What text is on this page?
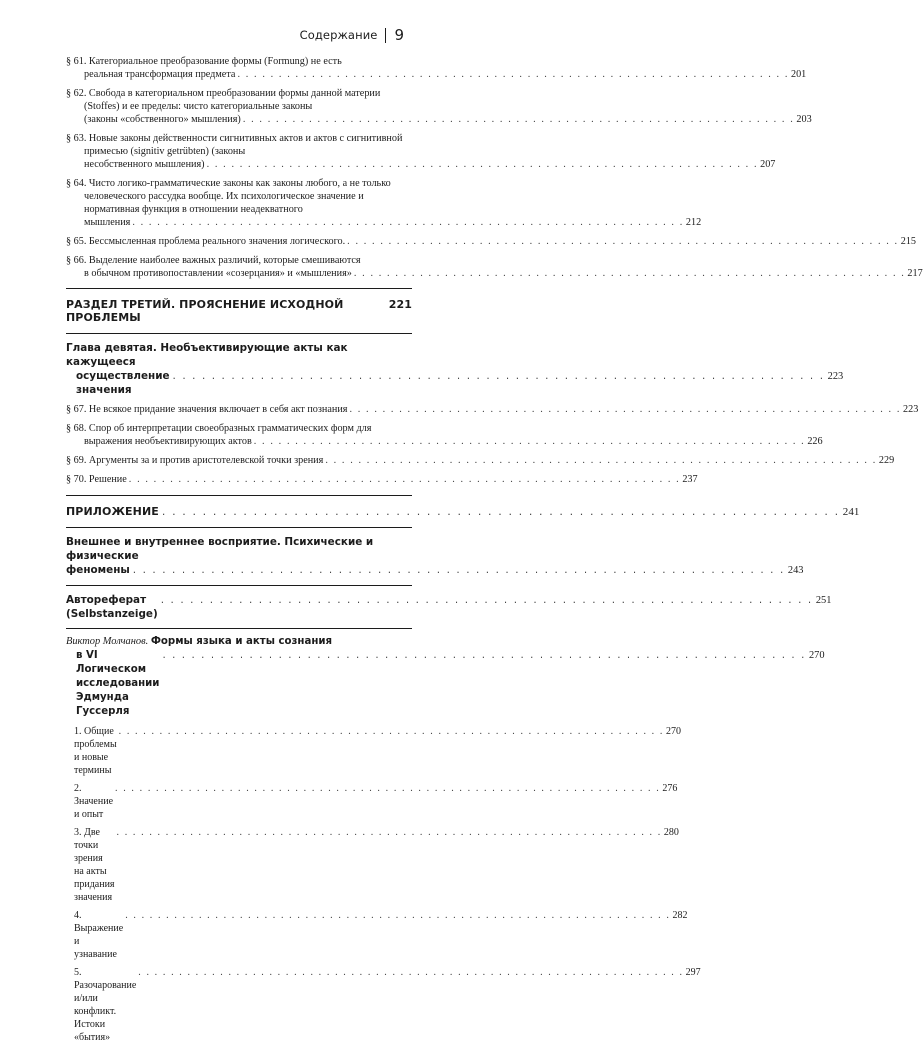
Содержание 9
§ 61. Категориальное преобразование формы (Formung) не есть
реальная трансформация предмета . . . . . . . . . . . . . . . . . . . . . . . . . . . . . . . . . . . . . . . . . . . . . . . . . . . . . . . . . . . . . . . . . . . 201
§ 62. Свобода в категориальном преобразовании формы данной материи (Stoffes) и ее пределы: чисто категориальные законы
(законы «собственного» мышления) . . . . . . . . . . . . . . . . . . . . . . . . . . . . . . . . . . . . . . . . . . . . . . . . . . . . . . . . . . . . . . . . . . . 203
§ 63. Новые законы действенности сигнитивных актов и актов с сигнитивной примесью (signitiv getrübten) (законы
несобственного мышления) . . . . . . . . . . . . . . . . . . . . . . . . . . . . . . . . . . . . . . . . . . . . . . . . . . . . . . . . . . . . . . . . . . . 207
§ 64. Чисто логико-грамматические законы как законы любого, а не только человеческого рассудка вообще. Их психологическое значение и нормативная функция в отношении неадекватного
мышления . . . . . . . . . . . . . . . . . . . . . . . . . . . . . . . . . . . . . . . . . . . . . . . . . . . . . . . . . . . . . . . . . . . 212
§ 65. Бессмысленная проблема реального значения логического. . . . . . . . . . . . . . . . . . . . . . . . . . . . . . . . . . . . . . . . . . . . . . . . . . . . . . . . . . . . . . . . . . . . 215
§ 66. Выделение наиболее важных различий, которые смешиваются
в обычном противопоставлении «созерцания» и «мышления» . . . . . . . . . . . . . . . . . . . . . . . . . . . . . . . . . . . . . . . . . . . . . . . . . . . . . . . . . . . . . . . . . . . 217
РАЗДЕЛ ТРЕТИЙ. ПРОЯСНЕНИЕ ИСХОДНОЙ ПРОБЛЕМЫ
221
Глава девятая. Необъективирующие акты как кажущееся
осуществление значения
. . . . . . . . . . . . . . . . . . . . . . . . . . . . . . . . . . . . . . . . . . . . . . . . . . . . . . . . . . . . . . . . . . . 223
§ 67. Не всякое придание значения включает в себя акт познания . . . . . . . . . . . . . . . . . . . . . . . . . . . . . . . . . . . . . . . . . . . . . . . . . . . . . . . . . . . . . . . . . . . 223
§ 68. Спор об интерпретации своеобразных грамматических форм для
выражения необъективирующих актов . . . . . . . . . . . . . . . . . . . . . . . . . . . . . . . . . . . . . . . . . . . . . . . . . . . . . . . . . . . . . . . . . . . 226
§ 69. Аргументы за и против аристотелевской точки зрения . . . . . . . . . . . . . . . . . . . . . . . . . . . . . . . . . . . . . . . . . . . . . . . . . . . . . . . . . . . . . . . . . . . 229
§ 70. Решение . . . . . . . . . . . . . . . . . . . . . . . . . . . . . . . . . . . . . . . . . . . . . . . . . . . . . . . . . . . . . . . . . . . 237
ПРИЛОЖЕНИЕ . . . . . . . . . . . . . . . . . . . . . . . . . . . . . . . . . . . . . . . . . . . . . . . . . . . . . . . . . . . . . . . . . . . 241
Внешнее и внутреннее восприятие. Психические и физические
феномены . . . . . . . . . . . . . . . . . . . . . . . . . . . . . . . . . . . . . . . . . . . . . . . . . . . . . . . . . . . . . . . . . . . 243
Автореферат (Selbstanzeige)
. . . . . . . . . . . . . . . . . . . . . . . . . . . . . . . . . . . . . . . . . . . . . . . . . . . . . . . . . . . . . . . . . . . 251
Виктор Молчанов. Формы языка и акты сознания
в VI Логическом исследовании Эдмунда Гуссерля
. . . . . . . . . . . . . . . . . . . . . . . . . . . . . . . . . . . . . . . . . . . . . . . . . . . . . . . . . . . . . . . . . . . 270
1. Общие проблемы и новые термины
. . . . . . . . . . . . . . . . . . . . . . . . . . . . . . . . . . . . . . . . . . . . . . . . . . . . . . . . . . . . . . . . . . . 270
2. Значение и опыт
. . . . . . . . . . . . . . . . . . . . . . . . . . . . . . . . . . . . . . . . . . . . . . . . . . . . . . . . . . . . . . . . . . . 276
3. Две точки зрения на акты придания значения
. . . . . . . . . . . . . . . . . . . . . . . . . . . . . . . . . . . . . . . . . . . . . . . . . . . . . . . . . . . . . . . . . . . 280
4. Выражение и узнавание
. . . . . . . . . . . . . . . . . . . . . . . . . . . . . . . . . . . . . . . . . . . . . . . . . . . . . . . . . . . . . . . . . . . 282
5. Разочарование и/или конфликт. Истоки «бытия»
. . . . . . . . . . . . . . . . . . . . . . . . . . . . . . . . . . . . . . . . . . . . . . . . . . . . . . . . . . . . . . . . . . . 297
